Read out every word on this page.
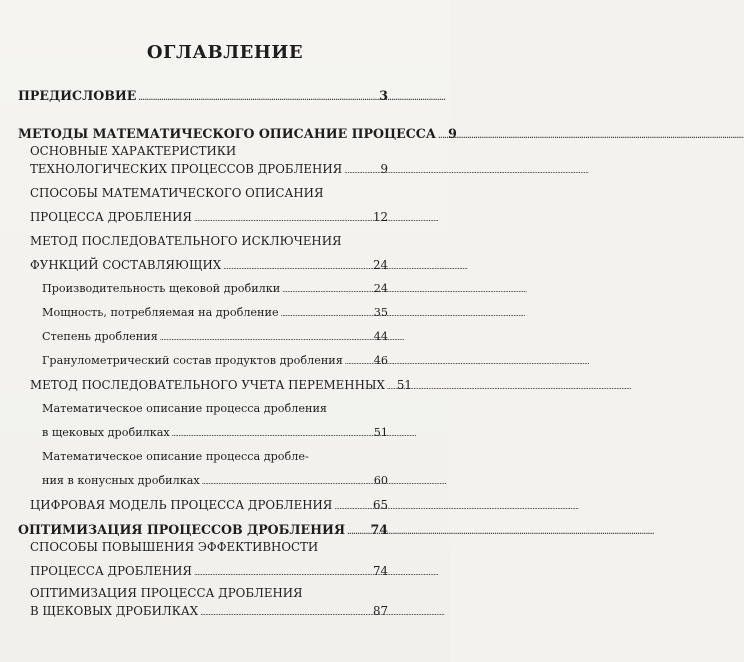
ОГЛАВЛЕНИЕ
ПРЕДИСЛОВИЕ . . .	3
МЕТОДЫ МАТЕМАТИЧЕСКОГО ОПИСАНИЕ ПРОЦЕССА . . . 9
ОСНОВНЫЕ ХАРАКТЕРИСТИКИ
ТЕХНОЛОГИЧЕСКИХ ПРОЦЕССОВ ДРОБЛЕНИЯ . . .	9
СПОСОБЫ МАТЕМАТИЧЕСКОГО ОПИСАНИЯ
ПРОЦЕССА ДРОБЛЕНИЯ . . .	12
МЕТОД ПОСЛЕДОВАТЕЛЬНОГО ИСКЛЮЧЕНИЯ
ФУНКЦИЙ СОСТАВЛЯЮЩИХ . . .	24
Производительность щековой дробилки . . .	24
Мощность, потребляемая на дробление . . .	35
Степень дробления . . .	44
Гранулометрический состав продуктов дробления . . .	46
МЕТОД ПОСЛЕДОВАТЕЛЬНОГО УЧЕТА ПЕРЕМЕННЫХ . . . 51
Математическое описание процесса дробления
в щековых дробилках . . .	51
Математическое описание процесса дробле-
ния в конусных дробилках . . .	60
ЦИФРОВАЯ МОДЕЛЬ ПРОЦЕССА ДРОБЛЕНИЯ . . .	65
ОПТИМИЗАЦИЯ ПРОЦЕССОВ ДРОБЛЕНИЯ . . . 74
СПОСОБЫ ПОВЫШЕНИЯ ЭФФЕКТИВНОСТИ
ПРОЦЕССА ДРОБЛЕНИЯ . . .	74
ОПТИМИЗАЦИЯ ПРОЦЕССА ДРОБЛЕНИЯ
В ЩЕКОВЫХ ДРОБИЛКАХ . . .	87
